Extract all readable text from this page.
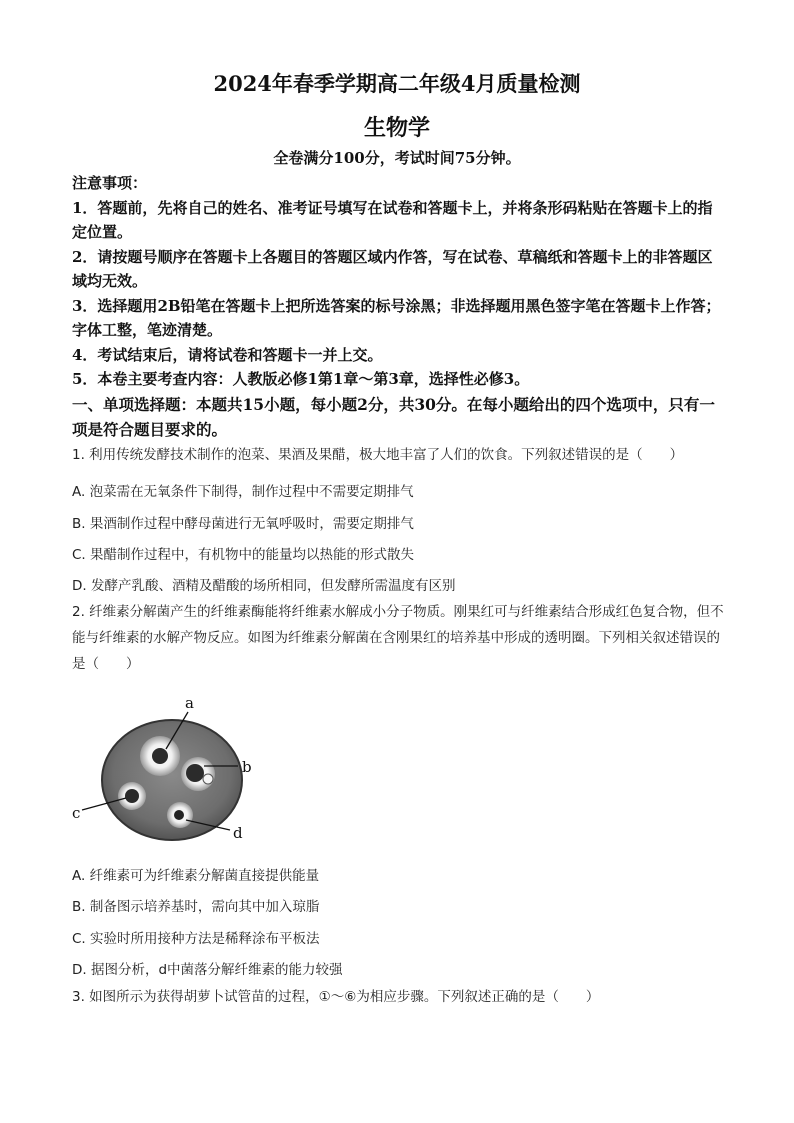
2024年春季学期高二年级4月质量检测
生物学
全卷满分100分，考试时间75分钟。

注意事项：

1．答题前，先将自己的姓名、准考证号填写在试卷和答题卡上，并将条形码粘贴在答题卡上的指定位置。

2．请按题号顺序在答题卡上各题目的答题区域内作答，写在试卷、草稿纸和答题卡上的非答题区域均无效。

3．选择题用2B铅笔在答题卡上把所选答案的标号涂黑；非选择题用黑色签字笔在答题卡上作答；字体工整，笔迹清楚。

4．考试结束后，请将试卷和答题卡一并上交。

5．本卷主要考查内容：人教版必修1第1章～第3章，选择性必修3。

一、单项选择题：本题共15小题，每小题2分，共30分。在每小题给出的四个选项中，只有一项是符合题目要求的。

1. 利用传统发酵技术制作的泡菜、果酒及果醋，极大地丰富了人们的饮食。下列叙述错误的是（　　）

A. 泡菜需在无氧条件下制得，制作过程中不需要定期排气
B. 果酒制作过程中酵母菌进行无氧呼吸时，需要定期排气
C. 果醋制作过程中，有机物中的能量均以热能的形式散失
D. 发酵产乳酸、酒精及醋酸的场所相同，但发酵所需温度有区别

2. 纤维素分解菌产生的纤维素酶能将纤维素水解成小分子物质。刚果红可与纤维素结合形成红色复合物，但不能与纤维素的水解产物反应。如图为纤维素分解菌在含刚果红的培养基中形成的透明圈。下列相关叙述错误的是（　　）

a
b
c
d
A. 纤维素可为纤维素分解菌直接提供能量
B. 制备图示培养基时，需向其中加入琼脂
C. 实验时所用接种方法是稀释涂布平板法
D. 据图分析，d中菌落分解纤维素的能力较强

3. 如图所示为获得胡萝卜试管苗的过程，①～⑥为相应步骤。下列叙述正确的是（　　）
